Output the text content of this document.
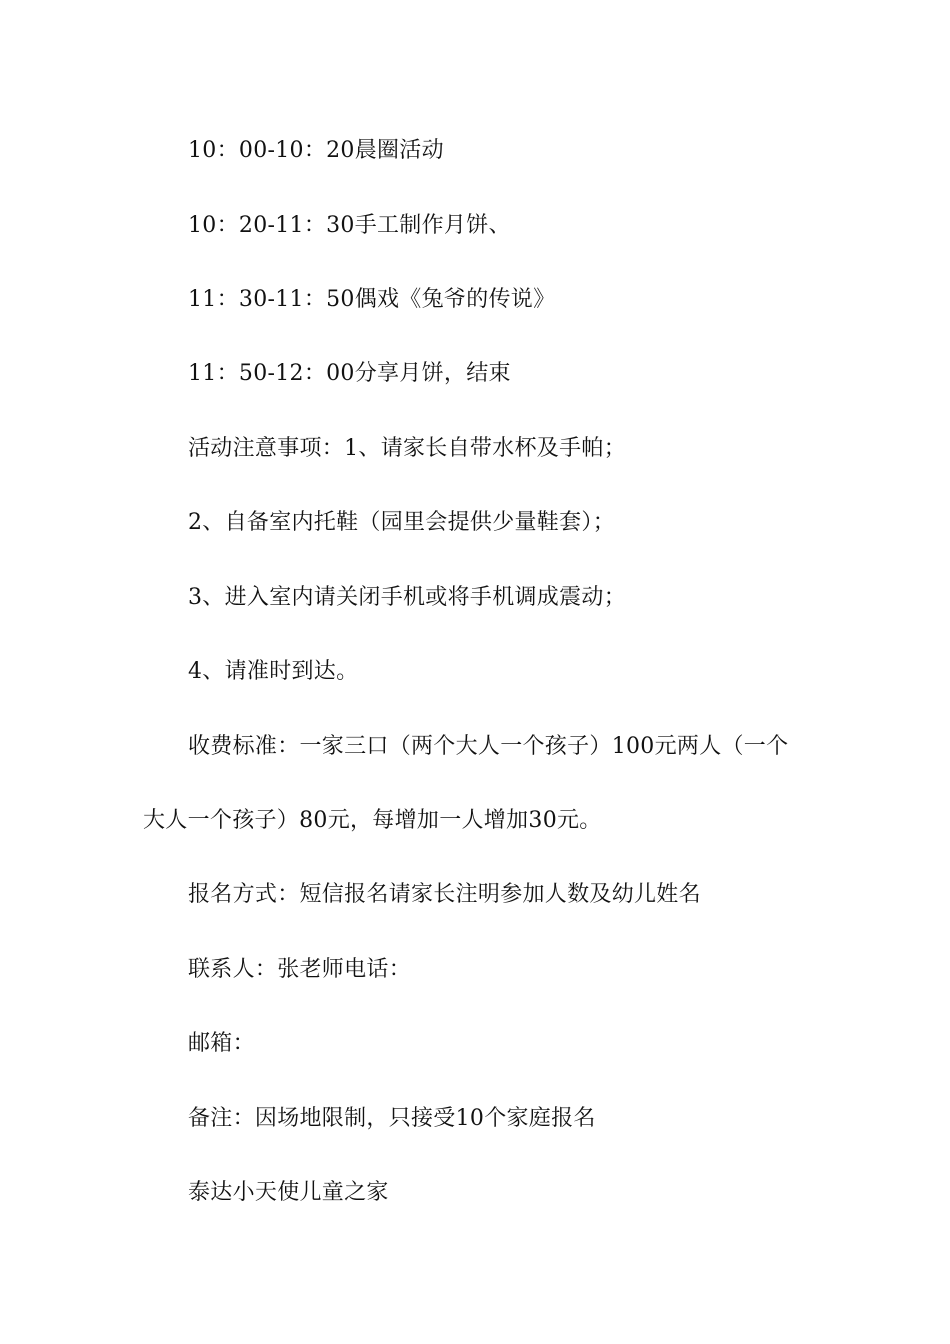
10：00-10：20晨圈活动
10：20-11：30手工制作月饼、
11：30-11：50偶戏《兔爷的传说》
11：50-12：00分享月饼，结束
活动注意事项：1、请家长自带水杯及手帕；
2、自备室内托鞋（园里会提供少量鞋套）；
3、进入室内请关闭手机或将手机调成震动；
4、请准时到达。
收费标准：一家三口（两个大人一个孩子）100元两人（一个
大人一个孩子）80元，每增加一人增加30元。
报名方式：短信报名请家长注明参加人数及幼儿姓名
联系人：张老师电话：
邮箱：
备注：因场地限制，只接受10个家庭报名
泰达小天使儿童之家
